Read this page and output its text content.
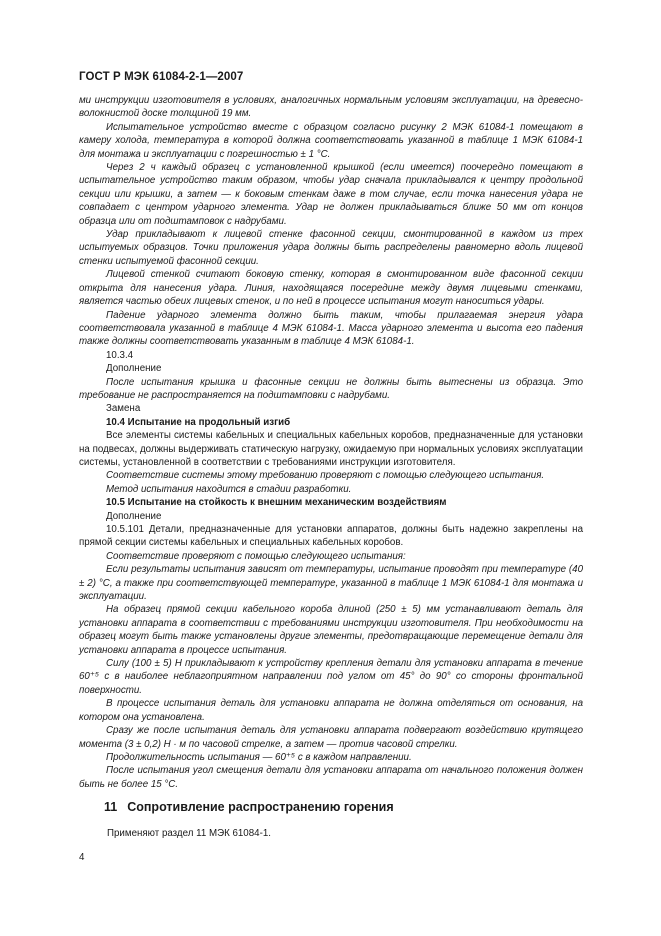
ГОСТ Р МЭК 61084-2-1—2007

ми инструкции изготовителя в условиях, аналогичных нормальным условиям эксплуатации, на древесно-волокнистой доске толщиной 19 мм.

Испытательное устройство вместе с образцом согласно рисунку 2 МЭК 61084-1 помещают в камеру холода, температура в которой должна соответствовать указанной в таблице 1 МЭК 61084-1 для монтажа и эксплуатации с погрешностью ± 1 °С.

Через 2 ч каждый образец с установленной крышкой (если имеется) поочередно помещают в испытательное устройство таким образом, чтобы удар сначала прикладывался к центру продольной секции или крышки, а затем — к боковым стенкам даже в том случае, если точка нанесения удара не совпадает с центром ударного элемента. Удар не должен прикладываться ближе 50 мм от концов образца или от подштамповок с надрубами.

Удар прикладывают к лицевой стенке фасонной секции, смонтированной в каждом из трех испытуемых образцов. Точки приложения удара должны быть распределены равномерно вдоль лицевой стенки испытуемой фасонной секции.

Лицевой стенкой считают боковую стенку, которая в смонтированном виде фасонной секции открыта для нанесения удара. Линия, находящаяся посередине между двумя лицевыми стенками, является частью обеих лицевых стенок, и по ней в процессе испытания могут наноситься удары.

Падение ударного элемента должно быть таким, чтобы прилагаемая энергия удара соответствовала указанной в таблице 4 МЭК 61084-1. Масса ударного элемента и высота его падения также должны соответствовать указанным в таблице 4 МЭК 61084-1.

10.3.4

Дополнение

После испытания крышка и фасонные секции не должны быть вытеснены из образца. Это требование не распространяется на подштамповки с надрубами.

Замена

10.4 Испытание на продольный изгиб

Все элементы системы кабельных и специальных кабельных коробов, предназначенные для установки на подвесах, должны выдерживать статическую нагрузку, ожидаемую при нормальных условиях эксплуатации системы, установленной в соответствии с требованиями инструкции изготовителя.

Соответствие системы этому требованию проверяют с помощью следующего испытания.

Метод испытания находится в стадии разработки.

10.5 Испытание на стойкость к внешним механическим воздействиям

Дополнение

10.5.101 Детали, предназначенные для установки аппаратов, должны быть надежно закреплены на прямой секции системы кабельных и специальных кабельных коробов.

Соответствие проверяют с помощью следующего испытания:

Если результаты испытания зависят от температуры, испытание проводят при температуре (40 ± 2) °С, а также при соответствующей температуре, указанной в таблице 1 МЭК 61084-1 для монтажа и эксплуатации.

На образец прямой секции кабельного короба длиной (250 ± 5) мм устанавливают деталь для установки аппарата в соответствии с требованиями инструкции изготовителя. При необходимости на образец могут быть также установлены другие элементы, предотвращающие перемещение детали для установки аппарата в процессе испытания.

Силу (100 ± 5) Н прикладывают к устройству крепления детали для установки аппарата в течение 60⁺⁵ с в наиболее неблагоприятном направлении под углом от 45° до 90° со стороны фронтальной поверхности.

В процессе испытания деталь для установки аппарата не должна отделяться от основания, на котором она установлена.

Сразу же после испытания деталь для установки аппарата подвергают воздействию крутящего момента (3 ± 0,2) Н · м по часовой стрелке, а затем — против часовой стрелки.

Продолжительность испытания — 60⁺⁵ с в каждом направлении.

После испытания угол смещения детали для установки аппарата от начального положения должен быть не более 15 °С.

11 Сопротивление распространению горения
Применяют раздел 11 МЭК 61084-1.
4
